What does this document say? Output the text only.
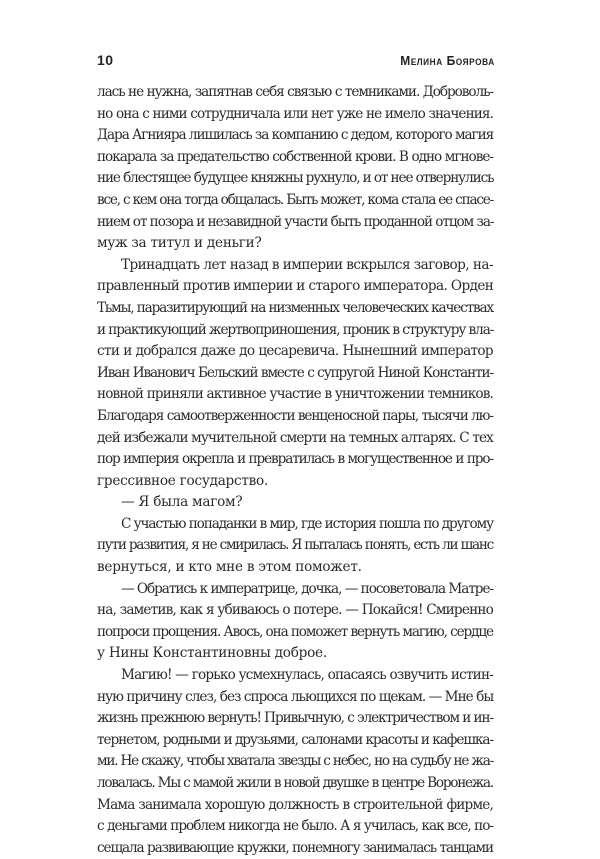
10	Мелина Боярова
лась не нужна, запятнав себя связью с темниками. Доброволь-
но она с ними сотрудничала или нет уже не имело значения.
Дара Агнияра лишилась за компанию с дедом, которого магия
покарала за предательство собственной крови. В одно мгнове-
ние блестящее будущее княжны рухнуло, и от нее отвернулись
все, с кем она тогда общалась. Быть может, кома стала ее спасе-
нием от позора и незавидной участи быть проданной отцом за-
муж за титул и деньги?
Тринадцать лет назад в империи вскрылся заговор, на-
правленный против империи и старого императора. Орден
Тьмы, паразитирующий на низменных человеческих качествах
и практикующий жертвоприношения, проник в структуру вла-
сти и добрался даже до цесаревича. Нынешний император
Иван Иванович Бельский вместе с супругой Ниной Константи-
новной приняли активное участие в уничтожении темников.
Благодаря самоотверженности венценосной пары, тысячи лю-
дей избежали мучительной смерти на темных алтарях. С тех
пор империя окрепла и превратилась в могущественное и про-
грессивное государство.
— Я была магом?
С участью попаданки в мир, где история пошла по другому
пути развития, я не смирилась. Я пыталась понять, есть ли шанс
вернуться, и кто мне в этом поможет.
— Обратись к императрице, дочка, — посоветовала Матре-
на, заметив, как я убиваюсь о потере. — Покайся! Смиренно
попроси прощения. Авось, она поможет вернуть магию, сердце
у Нины Константиновны доброе.
Магию! — горько усмехнулась, опасаясь озвучить истин-
ную причину слез, без спроса льющихся по щекам. — Мне бы
жизнь прежнюю вернуть! Привычную, с электричеством и ин-
тернетом, родными и друзьями, салонами красоты и кафешка-
ми. Не скажу, чтобы хватала звезды с небес, но на судьбу не жа-
ловалась. Мы с мамой жили в новой двушке в центре Воронежа.
Мама занимала хорошую должность в строительной фирме,
с деньгами проблем никогда не было. А я училась, как все, по-
сещала развивающие кружки, понемногу занималась танцами
